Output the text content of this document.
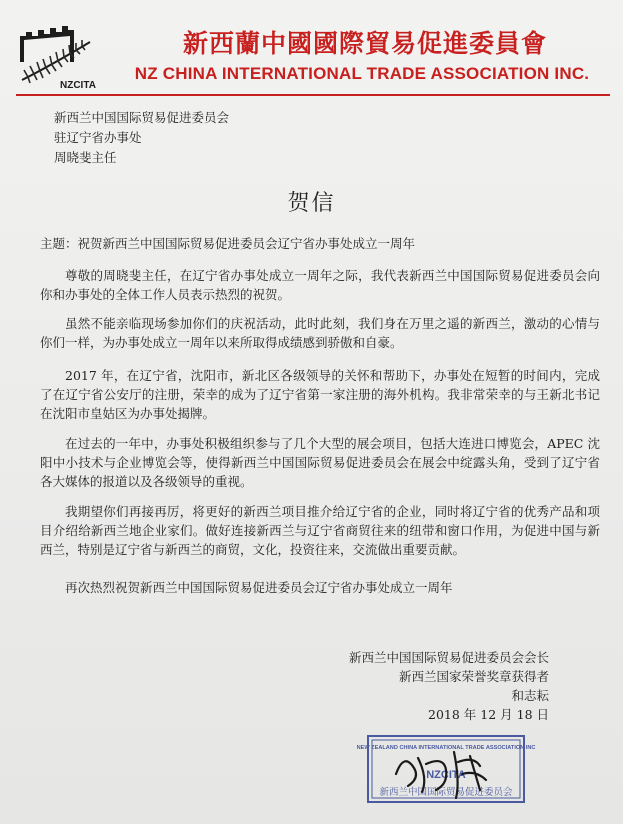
NZCITA
新西蘭中國國際貿易促進委員會
NZ CHINA INTERNATIONAL TRADE ASSOCIATION INC.
新西兰中国国际贸易促进委员会
驻辽宁省办事处
周晓斐主任
贺信
主题：祝贺新西兰中国国际贸易促进委员会辽宁省办事处成立一周年
尊敬的周晓斐主任，在辽宁省办事处成立一周年之际，我代表新西兰中国国际贸易促进委员会向你和办事处的全体工作人员表示热烈的祝贺。
虽然不能亲临现场参加你们的庆祝活动，此时此刻，我们身在万里之遥的新西兰，激动的心情与你们一样，为办事处成立一周年以来所取得成绩感到骄傲和自豪。
2017 年，在辽宁省，沈阳市，新北区各级领导的关怀和帮助下，办事处在短暂的时间内，完成了在辽宁省公安厅的注册，荣幸的成为了辽宁省第一家注册的海外机构。我非常荣幸的与王新北书记在沈阳市皇姑区为办事处揭牌。
在过去的一年中，办事处积极组织参与了几个大型的展会项目，包括大连进口博览会，APEC 沈阳中小技术与企业博览会等，使得新西兰中国国际贸易促进委员会在展会中绽露头角，受到了辽宁省各大媒体的报道以及各级领导的重视。
我期望你们再接再厉，将更好的新西兰项目推介给辽宁省的企业，同时将辽宁省的优秀产品和项目介绍给新西兰地企业家们。做好连接新西兰与辽宁省商贸往来的纽带和窗口作用，为促进中国与新西兰，特别是辽宁省与新西兰的商贸，文化，投资往来，交流做出重要贡献。
再次热烈祝贺新西兰中国国际贸易促进委员会辽宁省办事处成立一周年
新西兰中国国际贸易促进委员会会长
新西兰国家荣誉奖章获得者
和志耘
2018 年 12 月 18 日
NEW ZEALAND CHINA INTERNATIONAL TRADE ASSOCIATION INC
NZCITA
新西兰中国国际贸易促进委员会
